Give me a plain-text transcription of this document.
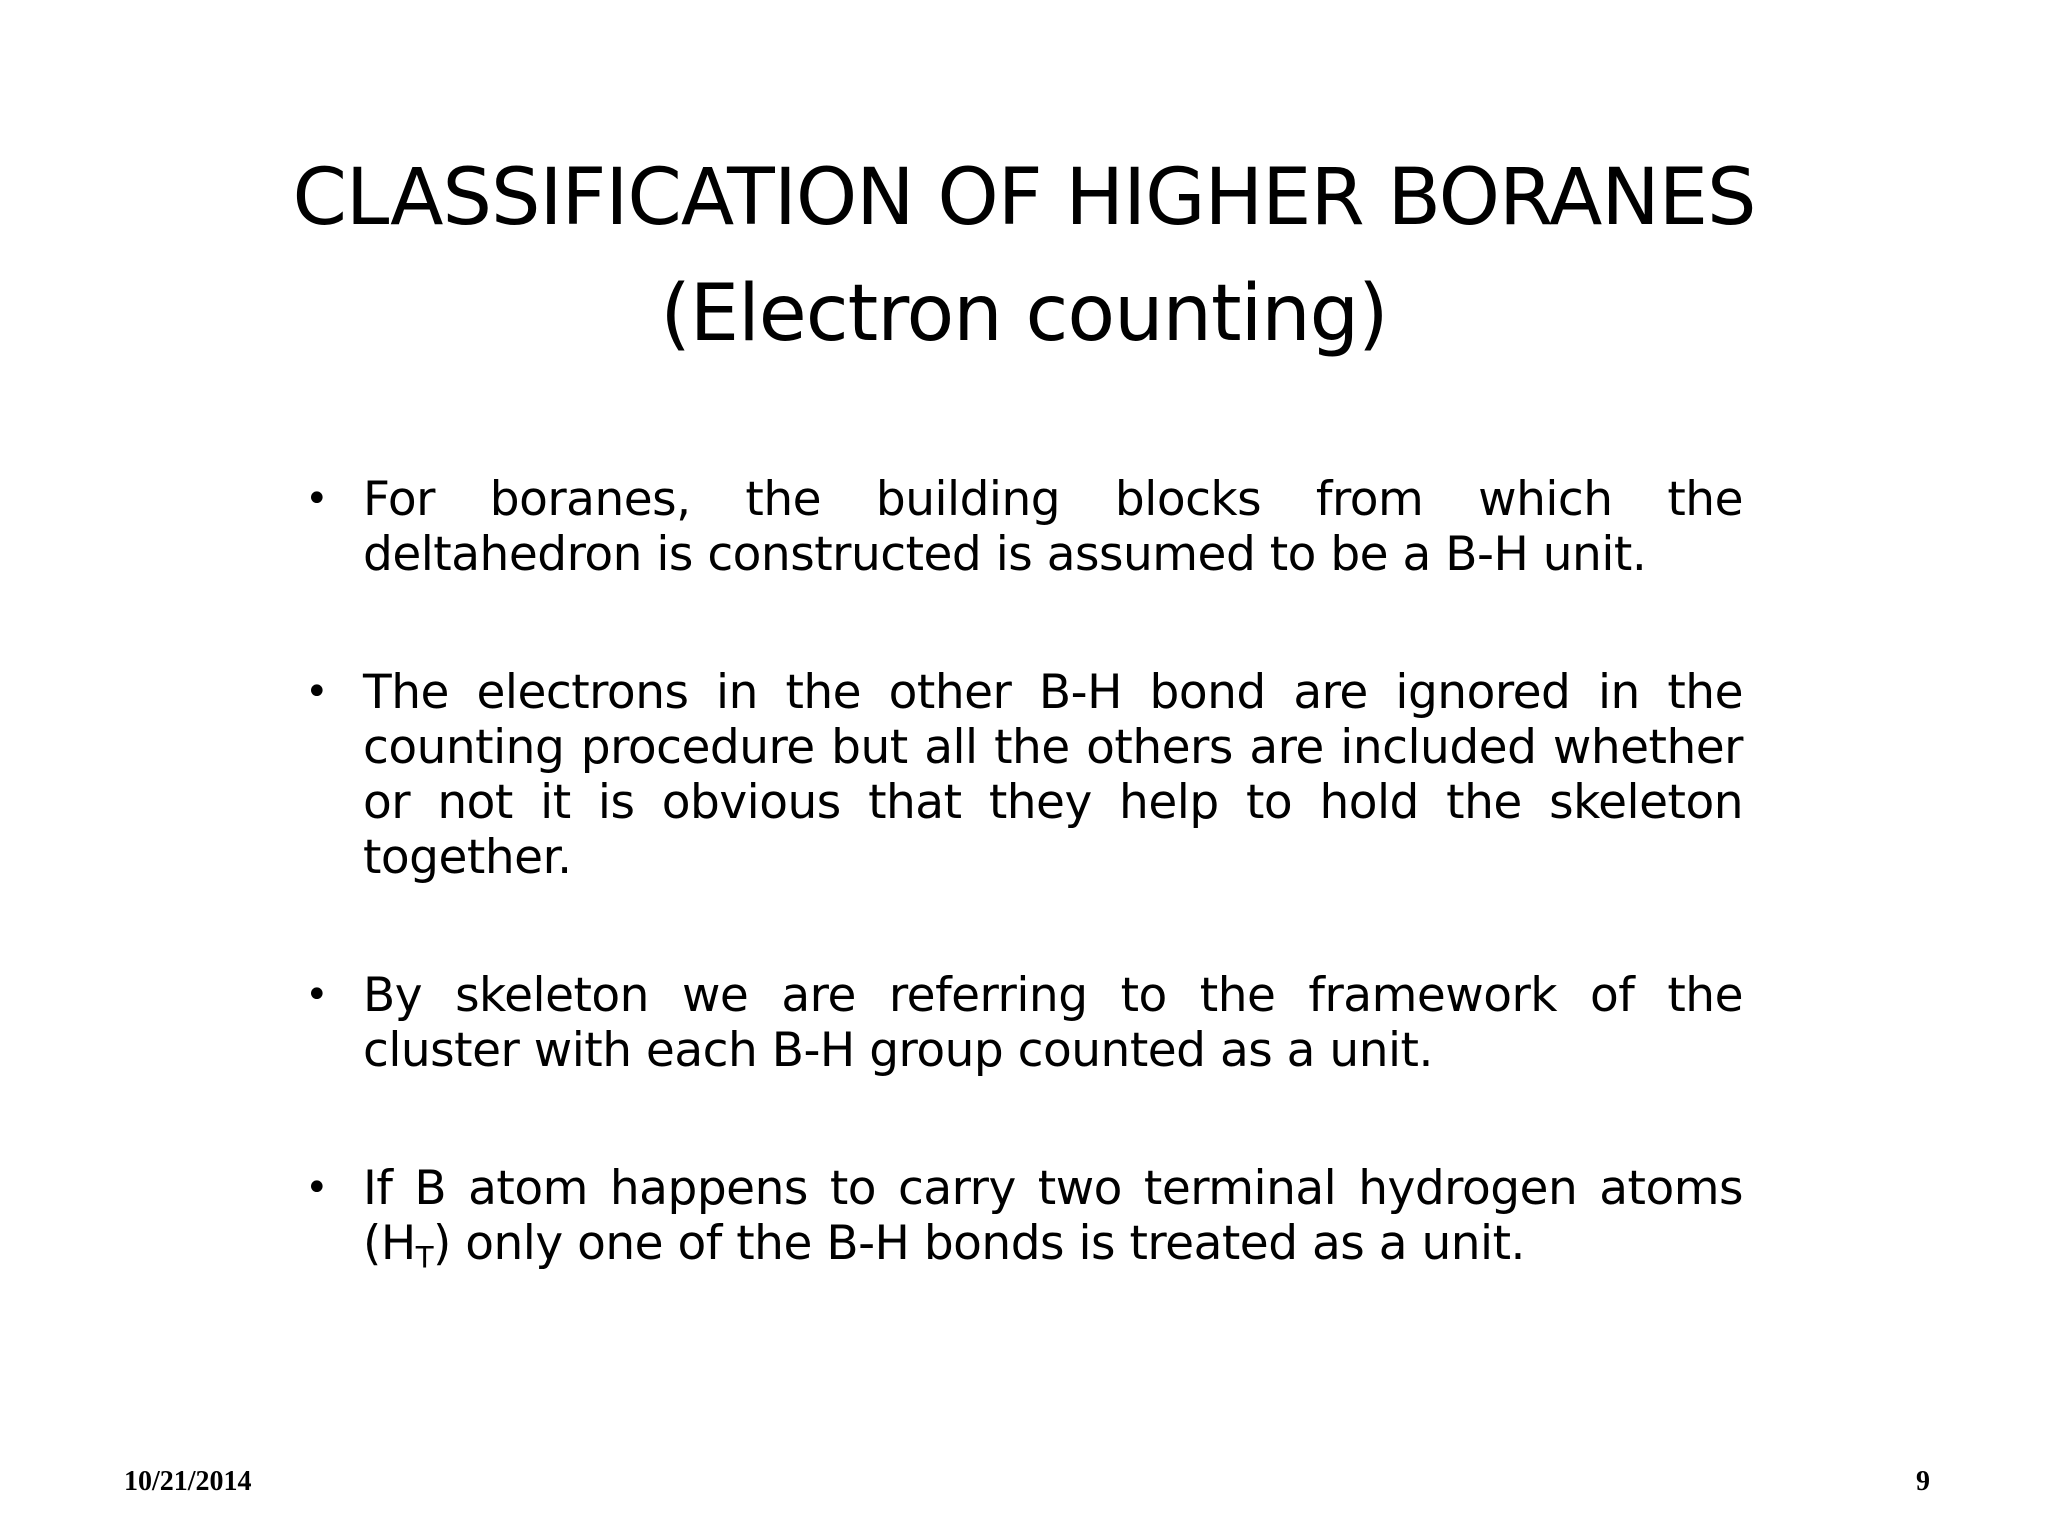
CLASSIFICATION OF HIGHER BORANES
(Electron counting)
• For boranes, the building blocks from which the deltahedron is constructed is assumed to be a B-H unit.
• The electrons in the other B-H bond are ignored in the counting procedure but all the others are included whether or not it is obvious that they help to hold the skeleton together.
• By skeleton we are referring to the framework of the cluster with each B-H group counted as a unit.
• If B atom happens to carry two terminal hydrogen atoms $(H_T)$ only one of the B-H bonds is treated as a unit.
10/21/2014	9
